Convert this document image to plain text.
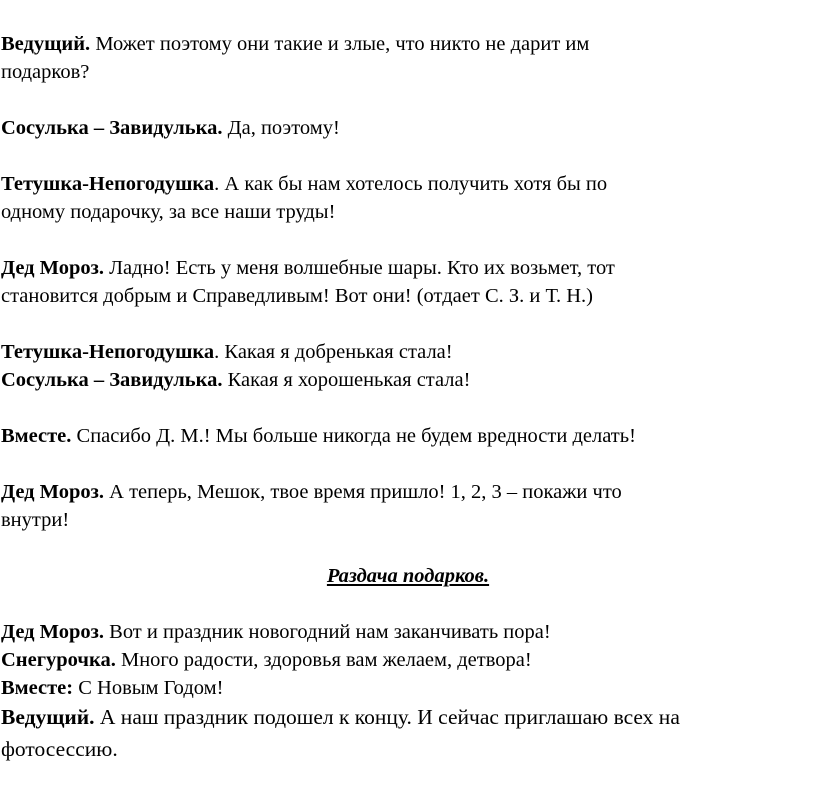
Ведущий. Может поэтому они такие и злые, что никто не дарит им
подарков?
Сосулька – Завидулька. Да, поэтому!
Тетушка-Непогодушка. А как бы нам хотелось получить хотя бы по
одному подарочку, за все наши труды!
Дед Мороз. Ладно! Есть у меня волшебные шары. Кто их возьмет, тот
становится добрым и Справедливым! Вот они! (отдает С. З. и Т. Н.)
Тетушка-Непогодушка. Какая я добренькая стала!
Сосулька – Завидулька. Какая я хорошенькая стала!
Вместе. Спасибо Д. М.! Мы больше никогда не будем вредности делать!
Дед Мороз. А теперь, Мешок, твое время пришло! 1, 2, 3 – покажи что
внутри!
Раздача подарков.
Дед Мороз. Вот и праздник новогодний нам заканчивать пора!
Снегурочка. Много радости, здоровья вам желаем, детвора!
Вместе: С Новым Годом!
Ведущий. А наш праздник подошел к концу. И сейчас приглашаю всех на
фотосессию.
